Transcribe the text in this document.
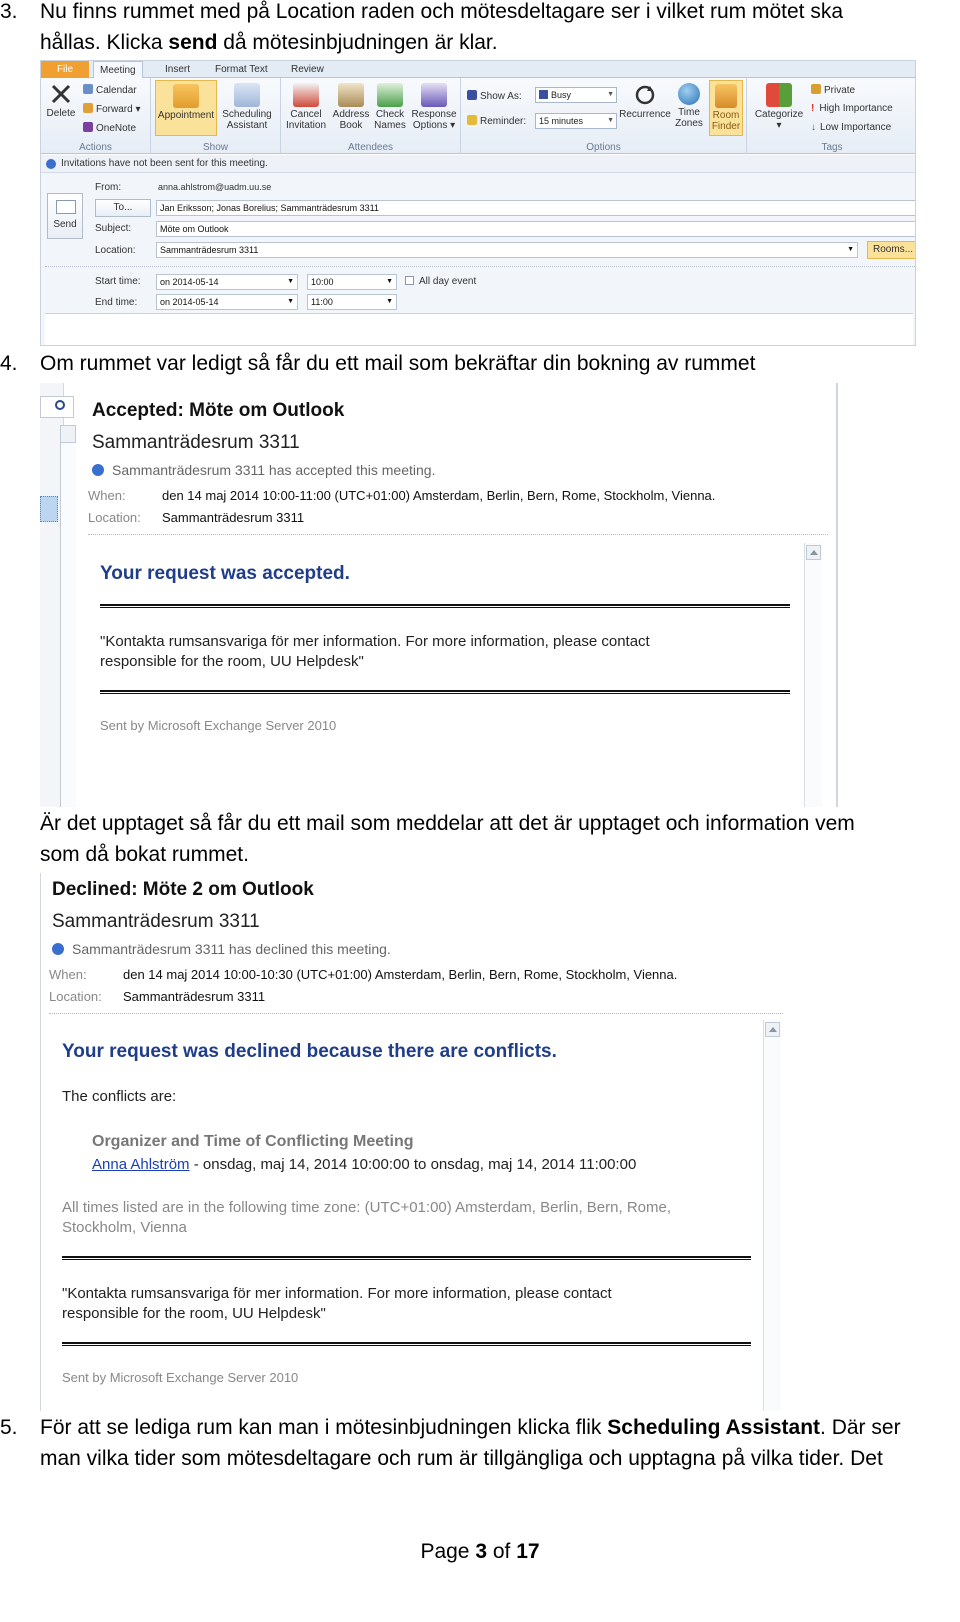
3. Nu finns rummet med på Location raden och mötesdeltagare ser i vilket rum mötet ska
hållas. Klicka send då mötesinbjudningen är klar.
File	Meeting	Insert	Format Text	Review
Delete
Calendar
Forward ▾
OneNote
Actions
Appointment Scheduling
Assistant
Show
Cancel
Invitation
Address
Book
Check
Names
Response
Options ▾
Attendees
Show As:	Busy	▼
Reminder:	15 minutes	▼
Recurrence Time
Zones
Room
Finder
Options
Categorize
▾
Private
! High Importance
↓ Low Importance
Tags
Invitations have not been sent for this meeting.
Send
From:	anna.ahlstrom@uadm.uu.se
To...	Jan Eriksson; Jonas Borelius; Sammanträdesrum 3311
Subject:	Möte om Outlook
Location:	Sammanträdesrum 3311	▼	Rooms...
Start time:	on 2014-05-14	▼	10:00	▼	All day event
End time:	on 2014-05-14	▼	11:00	▼
4. Om rummet var ledigt så får du ett mail som bekräftar din bokning av rummet
Accepted: Möte om Outlook
Sammanträdesrum 3311
Sammanträdesrum 3311 has accepted this meeting.
When:	den 14 maj 2014 10:00-11:00 (UTC+01:00) Amsterdam, Berlin, Bern, Rome, Stockholm, Vienna.
Location: Sammanträdesrum 3311
Your request was accepted.
"Kontakta rumsansvariga för mer information. For more information, please contact
responsible for the room, UU Helpdesk"
Sent by Microsoft Exchange Server 2010
Är det upptaget så får du ett mail som meddelar att det är upptaget och information vem
som då bokat rummet.
Declined: Möte 2 om Outlook
Sammanträdesrum 3311
Sammanträdesrum 3311 has declined this meeting.
When:	den 14 maj 2014 10:00-10:30 (UTC+01:00) Amsterdam, Berlin, Bern, Rome, Stockholm, Vienna.
Location: Sammanträdesrum 3311
Your request was declined because there are conflicts.
The conflicts are:
Organizer and Time of Conflicting Meeting
Anna Ahlström - onsdag, maj 14, 2014 10:00:00 to onsdag, maj 14, 2014 11:00:00
All times listed are in the following time zone: (UTC+01:00) Amsterdam, Berlin, Bern, Rome,
Stockholm, Vienna
"Kontakta rumsansvariga för mer information. For more information, please contact
responsible for the room, UU Helpdesk"
Sent by Microsoft Exchange Server 2010
5. För att se lediga rum kan man i mötesinbjudningen klicka flik Scheduling Assistant. Där ser
man vilka tider som mötesdeltagare och rum är tillgängliga och upptagna på vilka tider. Det
Page 3 of 17
